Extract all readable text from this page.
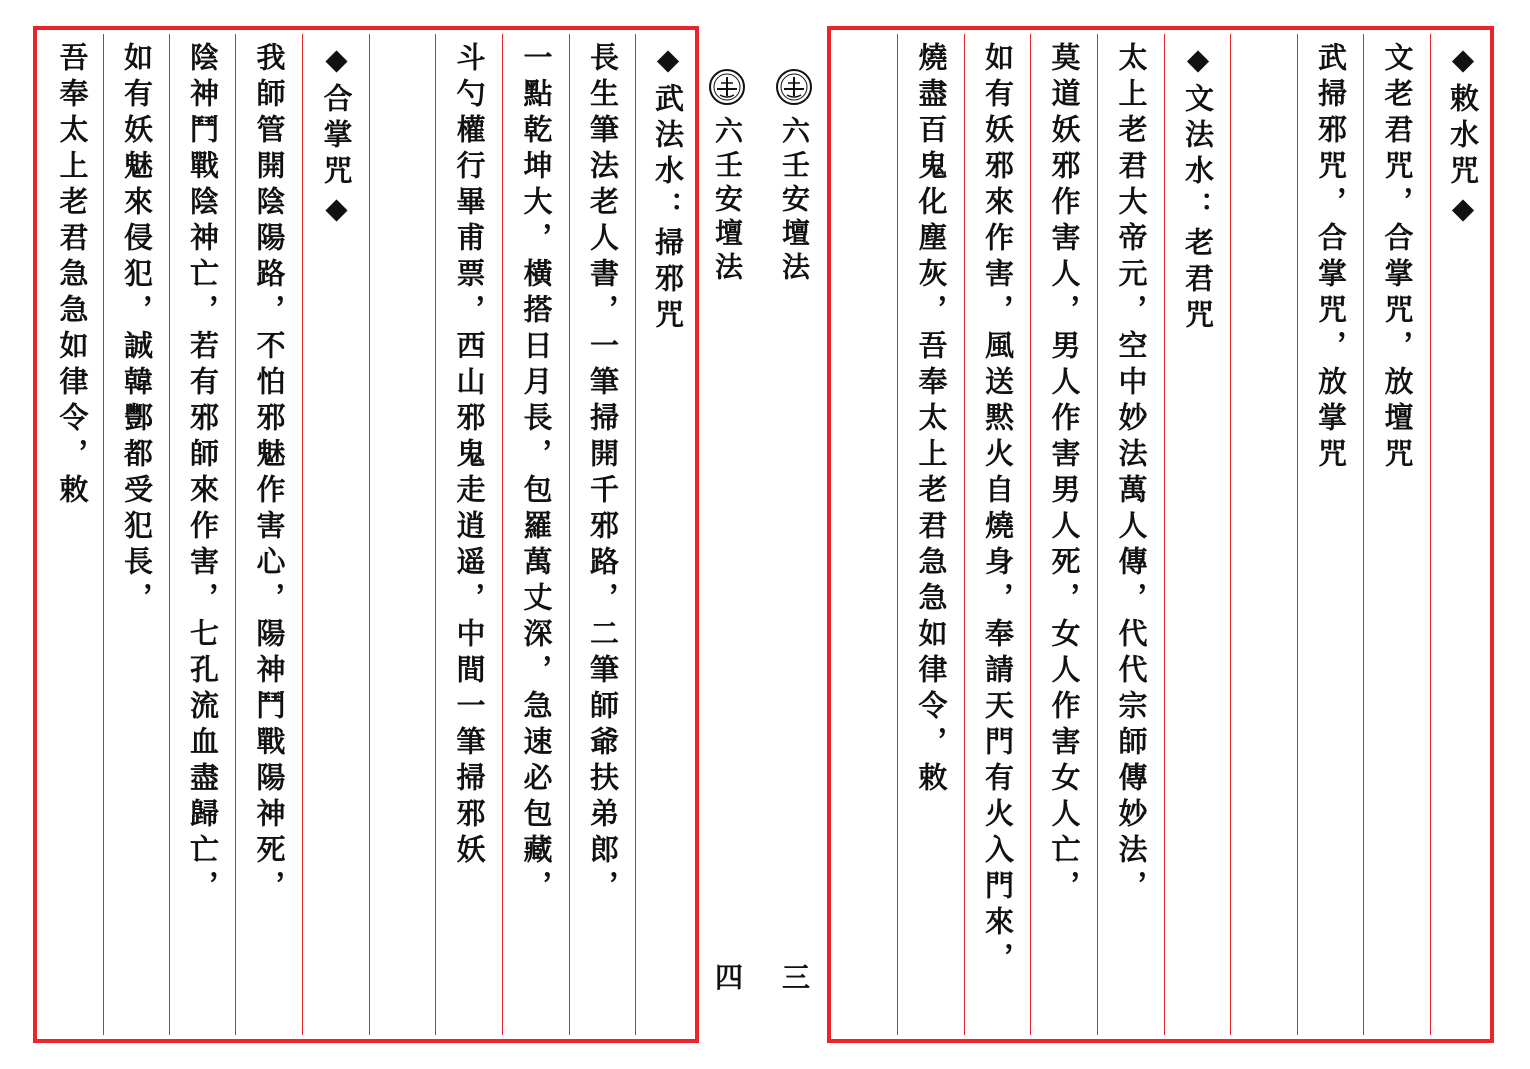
吾奉太上老君急急如律令，敕 如有妖魅來侵犯，誠韓酆都受犯長， 陰神鬥戰陰神亡，若有邪師來作害，七孔流血盡歸亡， 我師管開陰陽路，不怕邪魅作害心，陽神鬥戰陽神死， ◆合掌咒◆	斗勺權行畢甫票，西山邪鬼走逍遥，中間一筆掃邪妖 一點乾坤大，橫搭日月長，包羅萬丈深，急速必包藏， 長生筆法老人書，一筆掃開千邪路，二筆師爺扶弟郎， ◆武法水：掃邪咒	燒盡百鬼化塵灰，吾奉太上老君急急如律令，敕 如有妖邪來作害，風送黙火自燒身，奉請天門有火入門來， 莫道妖邪作害人，男人作害男人死，女人作害女人亡， 太上老君大帝元，空中妙法萬人傳，代代宗師傳妙法， ◆文法水：老君咒	武掃邪咒，合掌咒，放掌咒 文老君咒，合掌咒，放壇咒 ◆敕水咒◆
六壬安壇法
六壬安壇法
三
四
